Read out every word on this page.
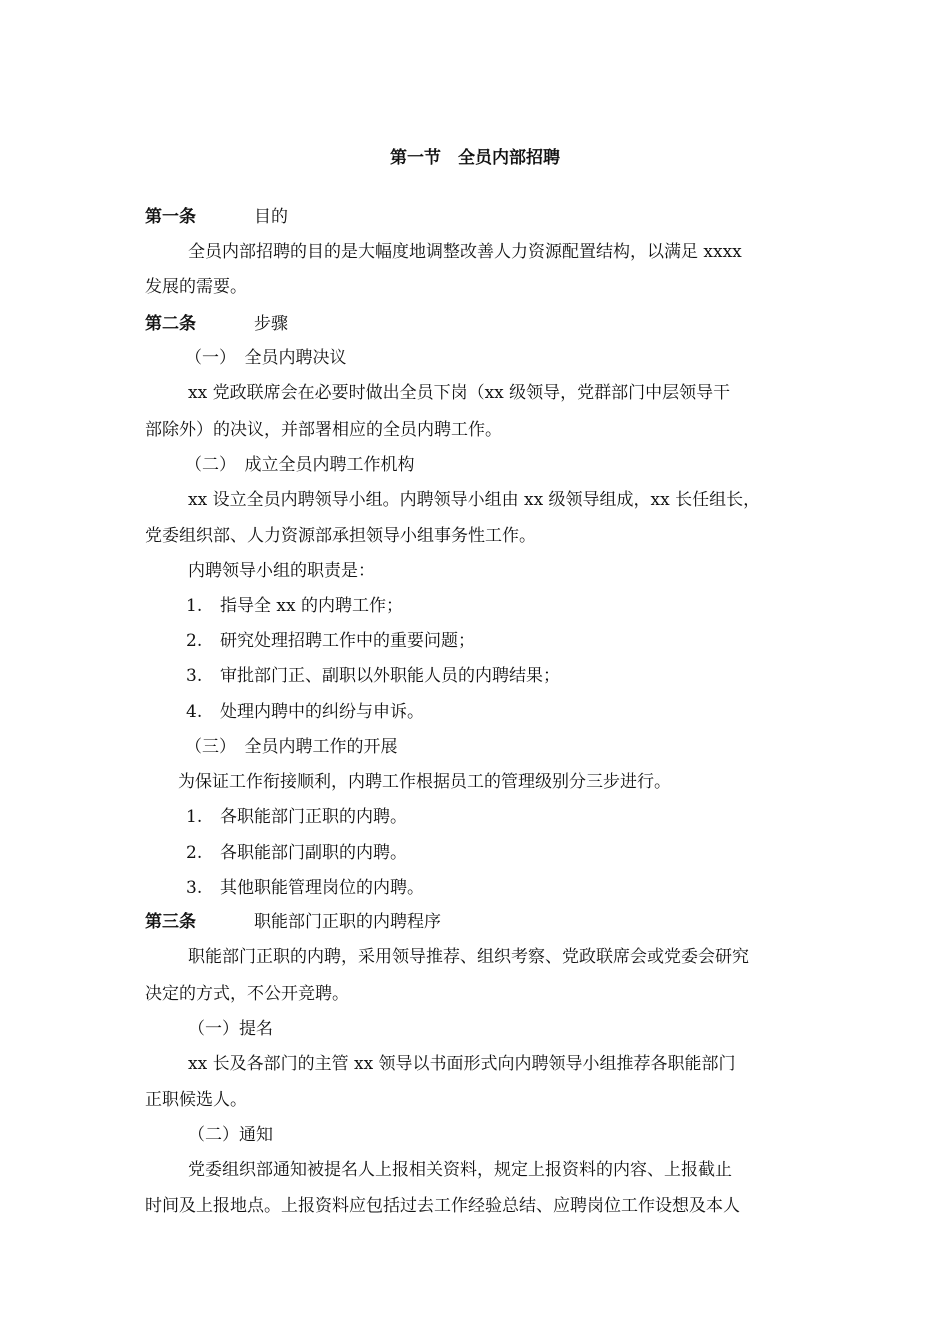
第一节　全员内部招聘
第一条	目的
全员内部招聘的目的是大幅度地调整改善人力资源配置结构，以满足 xxxx
发展的需要。
第二条	步骤
（一）　全员内聘决议
xx 党政联席会在必要时做出全员下岗（xx 级领导，党群部门中层领导干
部除外）的决议，并部署相应的全员内聘工作。
（二）　成立全员内聘工作机构
xx 设立全员内聘领导小组。内聘领导小组由 xx 级领导组成，xx 长任组长，
党委组织部、人力资源部承担领导小组事务性工作。
内聘领导小组的职责是：
1. 指导全 xx 的内聘工作；
2. 研究处理招聘工作中的重要问题；
3. 审批部门正、副职以外职能人员的内聘结果；
4. 处理内聘中的纠纷与申诉。
（三）　全员内聘工作的开展
为保证工作衔接顺利，内聘工作根据员工的管理级别分三步进行。
1. 各职能部门正职的内聘。
2. 各职能部门副职的内聘。
3. 其他职能管理岗位的内聘。
第三条	职能部门正职的内聘程序
职能部门正职的内聘，采用领导推荐、组织考察、党政联席会或党委会研究
决定的方式，不公开竞聘。
（一）提名
xx 长及各部门的主管 xx 领导以书面形式向内聘领导小组推荐各职能部门
正职候选人。
（二）通知
党委组织部通知被提名人上报相关资料，规定上报资料的内容、上报截止
时间及上报地点。上报资料应包括过去工作经验总结、应聘岗位工作设想及本人
